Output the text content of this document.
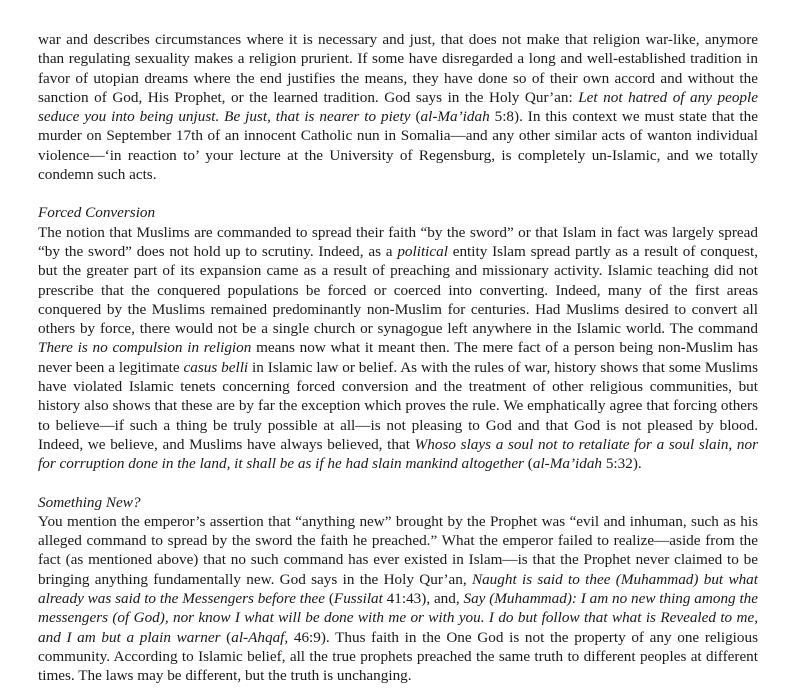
war and describes circumstances where it is necessary and just, that does not make that religion war-like, anymore than regulating sexuality makes a religion prurient. If some have disregarded a long and well-established tradition in favor of utopian dreams where the end justifies the means, they have done so of their own accord and without the sanction of God, His Prophet, or the learned tradition. God says in the Holy Qur’an: Let not hatred of any people seduce you into being unjust. Be just, that is nearer to piety (al-Ma’idah 5:8). In this context we must state that the murder on September 17th of an innocent Catholic nun in Somalia—and any other similar acts of wanton individual violence—‘in reaction to’ your lecture at the University of Regensburg, is completely un-Islamic, and we totally condemn such acts.

Forced Conversion

The notion that Muslims are commanded to spread their faith “by the sword” or that Islam in fact was largely spread “by the sword” does not hold up to scrutiny. Indeed, as a political entity Islam spread partly as a result of conquest, but the greater part of its expansion came as a result of preaching and missionary activity. Islamic teaching did not prescribe that the conquered populations be forced or coerced into converting. Indeed, many of the first areas conquered by the Muslims remained predominantly non-Muslim for centuries. Had Muslims desired to convert all others by force, there would not be a single church or synagogue left anywhere in the Islamic world. The command There is no compulsion in religion means now what it meant then. The mere fact of a person being non-Muslim has never been a legitimate casus belli in Islamic law or belief. As with the rules of war, history shows that some Muslims have violated Islamic tenets concerning forced conversion and the treatment of other religious communities, but history also shows that these are by far the exception which proves the rule. We emphatically agree that forcing others to believe—if such a thing be truly possible at all—is not pleasing to God and that God is not pleased by blood. Indeed, we believe, and Muslims have always believed, that Whoso slays a soul not to retaliate for a soul slain, nor for corruption done in the land, it shall be as if he had slain mankind altogether (al-Ma’idah 5:32).

Something New?

You mention the emperor’s assertion that “anything new” brought by the Prophet was “evil and inhuman, such as his alleged command to spread by the sword the faith he preached.” What the emperor failed to realize—aside from the fact (as mentioned above) that no such command has ever existed in Islam—is that the Prophet never claimed to be bringing anything fundamentally new. God says in the Holy Qur’an, Naught is said to thee (Muhammad) but what already was said to the Messengers before thee (Fussilat 41:43), and, Say (Muhammad): I am no new thing among the messengers (of God), nor know I what will be done with me or with you. I do but follow that what is Revealed to me, and I am but a plain warner (al-Ahqaf, 46:9). Thus faith in the One God is not the property of any one religious community. According to Islamic belief, all the true prophets preached the same truth to different peoples at different times. The laws may be different, but the truth is unchanging.
